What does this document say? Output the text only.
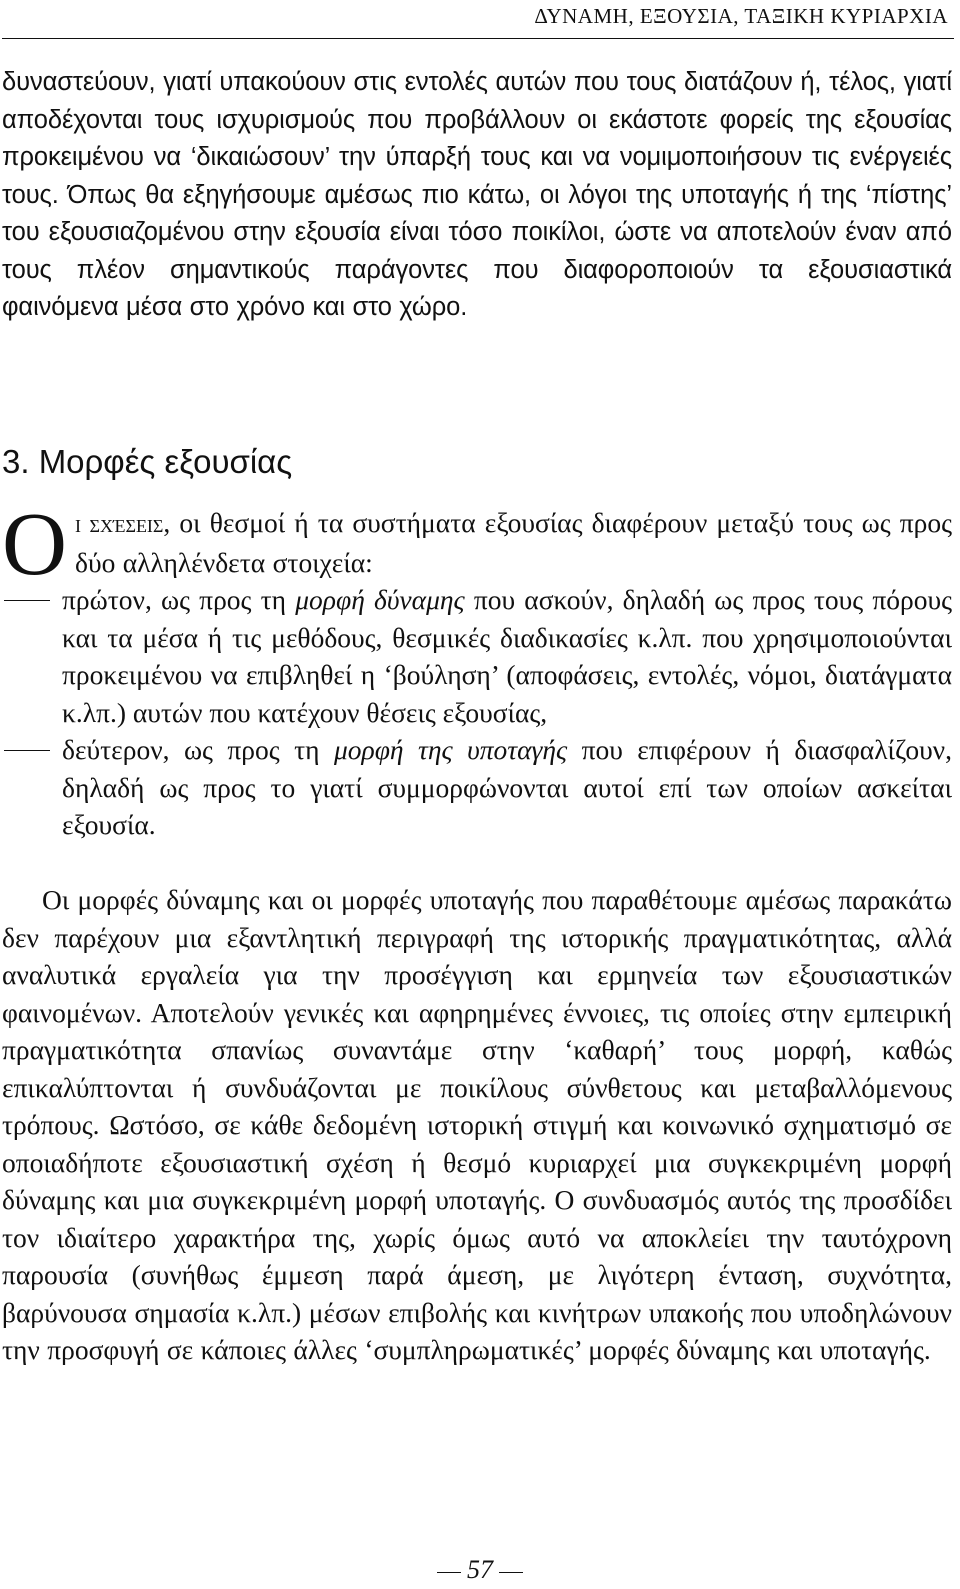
ΔΥΝΑΜΗ, ΕΞΟΥΣΙΑ, ΤΑΞΙΚΗ ΚΥΡΙΑΡΧΙΑ

δυναστεύουν, γιατί υπακούουν στις εντολές αυτών που τους διατάζουν ή, τέλος, γιατί αποδέχονται τους ισχυρισμούς που προβάλλουν οι εκάστοτε φορείς της εξουσίας προκειμένου να ‘δικαιώσουν’ την ύπαρξή τους και να νομιμοποιήσουν τις ενέργειές τους. Όπως θα εξηγήσουμε αμέσως πιο κάτω, οι λόγοι της υποταγής ή της ‘πίστης’ του εξουσιαζομένου στην εξουσία είναι τόσο ποικίλοι, ώστε να αποτελούν έναν από τους πλέον σημαντικούς παράγοντες που διαφοροποιούν τα εξουσιαστικά φαινόμενα μέσα στο χρόνο και στο χώρο.

3. Μορφές εξουσίας

Οι σχέσεις, οι θεσμοί ή τα συστήματα εξουσίας διαφέρουν μεταξύ τους ως προς δύο αλληλένδετα στοιχεία:

πρώτον, ως προς τη μορφή δύναμης που ασκούν, δηλαδή ως προς τους πόρους και τα μέσα ή τις μεθόδους, θεσμικές διαδικασίες κ.λπ. που χρησιμοποιούνται προκειμένου να επιβληθεί η ‘βούληση’ (αποφάσεις, εντολές, νόμοι, διατάγματα κ.λπ.) αυτών που κατέχουν θέσεις εξουσίας,
δεύτερον, ως προς τη μορφή της υποταγής που επιφέρουν ή διασφαλίζουν, δηλαδή ως προς το γιατί συμμορφώνονται αυτοί επί των οποίων ασκείται εξουσία.

Οι μορφές δύναμης και οι μορφές υποταγής που παραθέτουμε αμέσως παρακάτω δεν παρέχουν μια εξαντλητική περιγραφή της ιστορικής πραγματικότητας, αλλά αναλυτικά εργαλεία για την προσέγγιση και ερμηνεία των εξουσιαστικών φαινομένων. Αποτελούν γενικές και αφηρημένες έννοιες, τις οποίες στην εμπειρική πραγματικότητα σπανίως συναντάμε στην ‘καθαρή’ τους μορφή, καθώς επικαλύπτονται ή συνδυάζονται με ποικίλους σύνθετους και μεταβαλλόμενους τρόπους. Ωστόσο, σε κάθε δεδομένη ιστορική στιγμή και κοινωνικό σχηματισμό σε οποιαδήποτε εξουσιαστική σχέση ή θεσμό κυριαρχεί μια συγκεκριμένη μορφή δύναμης και μια συγκεκριμένη μορφή υποταγής. Ο συνδυασμός αυτός της προσδίδει τον ιδιαίτερο χαρακτήρα της, χωρίς όμως αυτό να αποκλείει την ταυτόχρονη παρουσία (συνήθως έμμεση παρά άμεση, με λιγότερη ένταση, συχνότητα, βαρύνουσα σημασία κ.λπ.) μέσων επιβολής και κινήτρων υπακοής που υποδηλώνουν την προσφυγή σε κάποιες άλλες ‘συμπληρωματικές’ μορφές δύναμης και υποταγής.

57
